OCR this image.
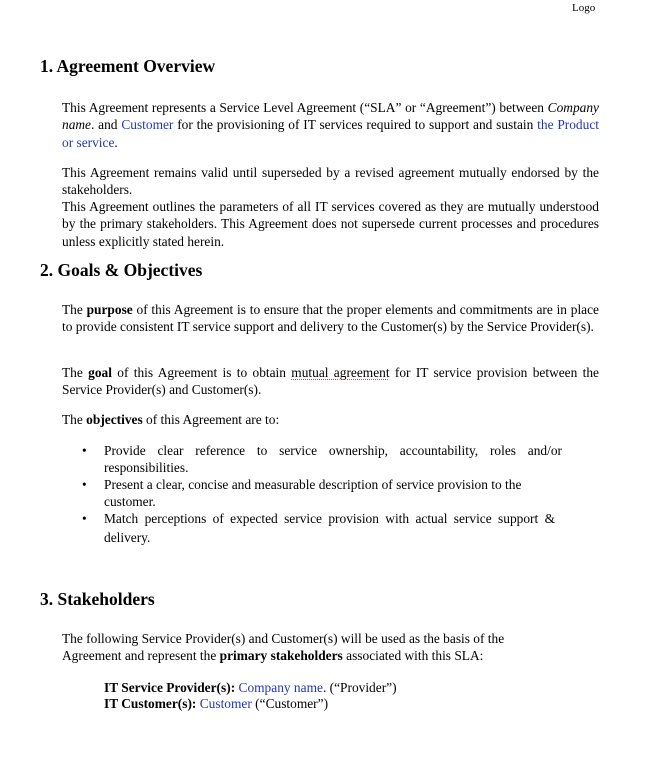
Logo
1. Agreement Overview
This Agreement represents a Service Level Agreement (“SLA” or “Agreement”) between Company name. and Customer for the provisioning of IT services required to support and sustain the Product or service.
This Agreement remains valid until superseded by a revised agreement mutually endorsed by the stakeholders.
This Agreement outlines the parameters of all IT services covered as they are mutually understood by the primary stakeholders. This Agreement does not supersede current processes and procedures unless explicitly stated herein.
2. Goals & Objectives
The purpose of this Agreement is to ensure that the proper elements and commitments are in place to provide consistent IT service support and delivery to the Customer(s) by the Service Provider(s).
The goal of this Agreement is to obtain mutual agreement for IT service provision between the Service Provider(s) and Customer(s).
The objectives of this Agreement are to:
• Provide clear reference to service ownership, accountability, roles and/or responsibilities.
• Present a clear, concise and measurable description of service provision to the customer.
• Match perceptions of expected service provision with actual service support & delivery.
3. Stakeholders
The following Service Provider(s) and Customer(s) will be used as the basis of the Agreement and represent the primary stakeholders associated with this SLA:
IT Service Provider(s): Company name. (“Provider”)
IT Customer(s): Customer (“Customer”)
